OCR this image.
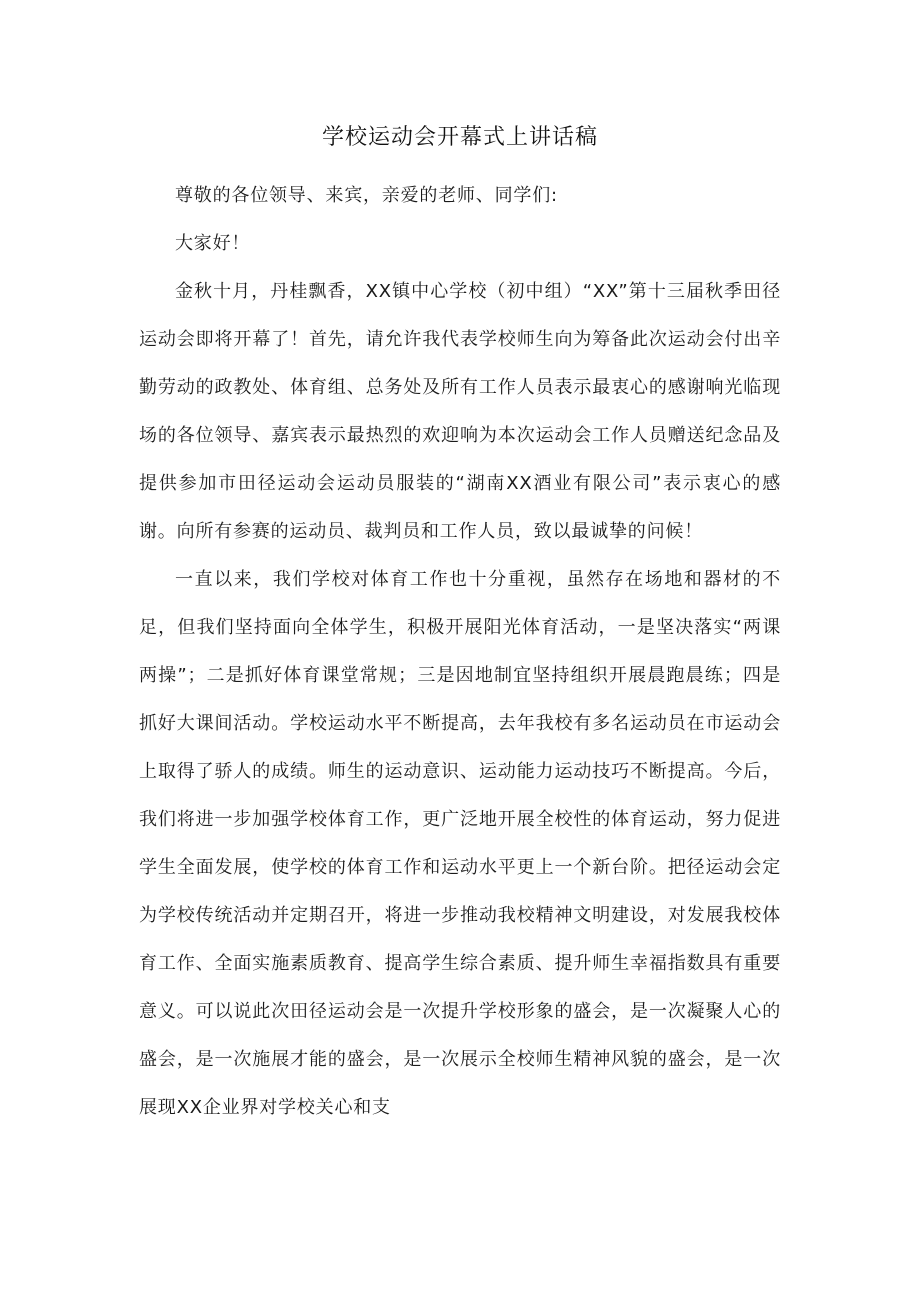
学校运动会开幕式上讲话稿

尊敬的各位领导、来宾，亲爱的老师、同学们:

大家好！

金秋十月，丹桂飘香，XX镇中心学校（初中组）“XX”第十三届秋季田径运动会即将开幕了！首先，请允许我代表学校师生向为筹备此次运动会付出辛勤劳动的政教处、体育组、总务处及所有工作人员表示最衷心的感谢响光临现场的各位领导、嘉宾表示最热烈的欢迎响为本次运动会工作人员赠送纪念品及提供参加市田径运动会运动员服装的“湖南XX酒业有限公司”表示衷心的感谢。向所有参赛的运动员、裁判员和工作人员，致以最诚挚的问候！

一直以来，我们学校对体育工作也十分重视，虽然存在场地和器材的不足，但我们坚持面向全体学生，积极开展阳光体育活动，一是坚决落实“两课两操”；二是抓好体育课堂常规；三是因地制宜坚持组织开展晨跑晨练；四是抓好大课间活动。学校运动水平不断提高，去年我校有多名运动员在市运动会上取得了骄人的成绩。师生的运动意识、运动能力运动技巧不断提高。今后，我们将进一步加强学校体育工作，更广泛地开展全校性的体育运动，努力促进学生全面发展，使学校的体育工作和运动水平更上一个新台阶。把径运动会定为学校传统活动并定期召开，将进一步推动我校精神文明建设，对发展我校体育工作、全面实施素质教育、提高学生综合素质、提升师生幸福指数具有重要意义。可以说此次田径运动会是一次提升学校形象的盛会，是一次凝聚人心的盛会，是一次施展才能的盛会，是一次展示全校师生精神风貌的盛会，是一次展现XX企业界对学校关心和支
